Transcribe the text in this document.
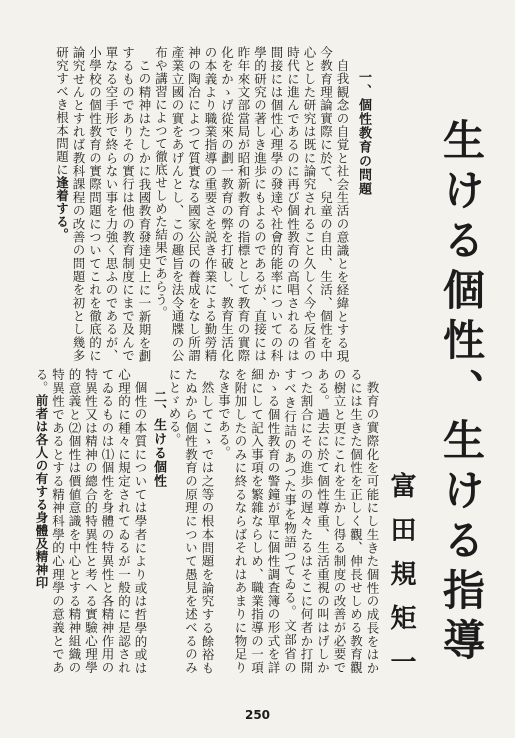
生ける個性、生ける指導
富田規矩一
一、個性教育の問題

自我観念の自覚と社会生活の意識とを経緯とする現今教育理論實際に於て、兒童の自由、生活、個性を中心とした研究は既に論究されること久しく今や反省の時代に進んであるのに再び個性教育の高唱されるのは間接には個性心理學の發達や社會的能率についての科學的研究の著しき進歩にもよるのであるが、直接には昨年來文部當局が昭和新教育の指標として教育の實際化をかゝげ從來の劃一教育の弊を打破し、教育生活化の本義より職業指導の重要さを説き作業による勤勞精神の陶冶によつて質實なる國家公民の養成をなし所謂產業立國の實をあげんとし、この趣旨を法令通牒の公布や講習によつて徹底せしめた結果であらう。

この精神はたしかに我國教育發達史上に一新期を劃するものでありその實行は他の教育制度にまで及んで單なる空手形で終らない事を力強く思ふのであるが、小學校の個性教育の實際問題についてこれを徹底的に論究せんとすれば教科課程の改善の問題を初とし幾多研究すべき根本問題に逢着する。

教育の實際化を可能にし生きた個性の成長をはかるには生きた個性を正しく觀、伸長せしめる教育觀の樹立と更にこれを生かし得る制度の改善が必要である。過去に於て個性尊重、生活重視の叫はげしかつた割合にその進歩の遅々たるはそこに何者か打開すべき行詰のあつた事を物語つてゐる。文部省のかゝる個性教育の警鐘が單に個性調査簿の形式を詳細にして記入事項を繁雜ならしめ、職業指導の一項を附加したのみに終るならばそれはあまりに物足りなき事である。

然してこゝでは之等の根本問題を論究する餘裕もたぬから個性教育の原理について愚見を述べるのみにとゞめる。

二、生ける個性

個性の本質については學者により或は哲學的或は心理的に種々に規定されてゐるが一般的に是認されてゐるものは⑴個性を身體の特異性と各精神作用の特異性又は精神の總合的特異性と考へる實驗心理學的意義と⑵個性は價値意識を中心とする精神組織の特異性であるとする精神科學的心理學の意義とである。前者は各人の有する身體及精神印

250
